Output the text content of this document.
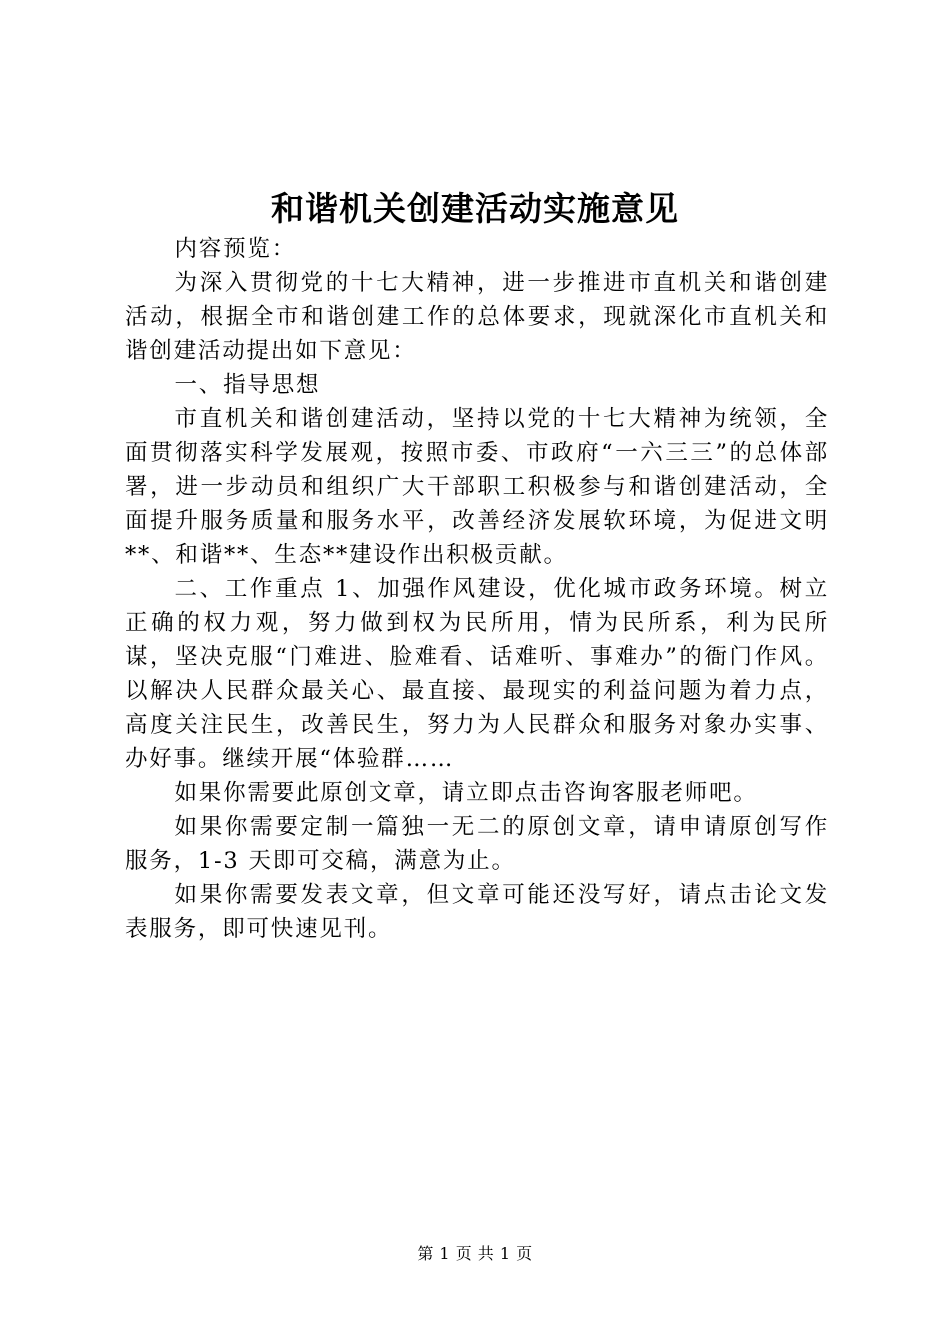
和谐机关创建活动实施意见

内容预览：

为深入贯彻党的十七大精神，进一步推进市直机关和谐创建活动，根据全市和谐创建工作的总体要求，现就深化市直机关和谐创建活动提出如下意见：

一、指导思想

市直机关和谐创建活动，坚持以党的十七大精神为统领，全面贯彻落实科学发展观，按照市委、市政府“一六三三”的总体部署，进一步动员和组织广大干部职工积极参与和谐创建活动，全面提升服务质量和服务水平，改善经济发展软环境，为促进文明**、和谐**、生态**建设作出积极贡献。

二、工作重点 1、加强作风建设，优化城市政务环境。树立正确的权力观，努力做到权为民所用，情为民所系，利为民所谋，坚决克服“门难进、脸难看、话难听、事难办”的衙门作风。以解决人民群众最关心、最直接、最现实的利益问题为着力点，高度关注民生，改善民生，努力为人民群众和服务对象办实事、办好事。继续开展“体验群……

如果你需要此原创文章，请立即点击咨询客服老师吧。

如果你需要定制一篇独一无二的原创文章，请申请原创写作服务，1-3 天即可交稿，满意为止。

如果你需要发表文章，但文章可能还没写好，请点击论文发表服务，即可快速见刊。

第 1 页 共 1 页
